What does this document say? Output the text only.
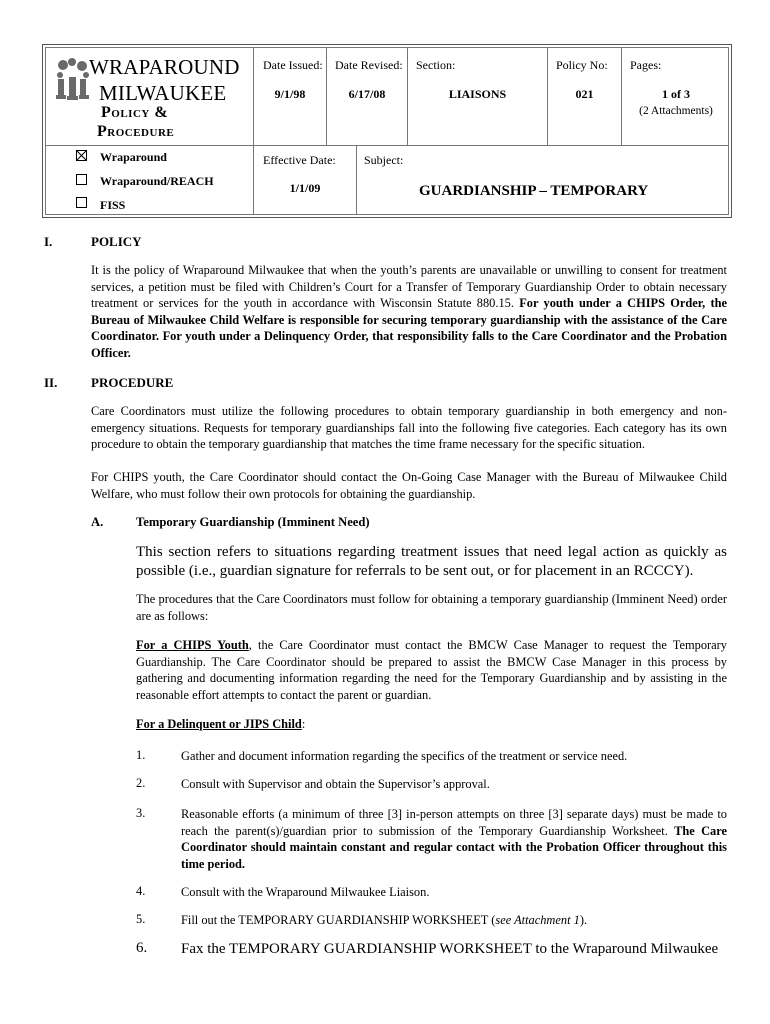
WRAPAROUND
MILWAUKEE
Policy &
Procedure
Date Issued:
9/1/98
Date Revised:
6/17/08
Section:
LIAISONS
Policy No:
021
Pages:
1 of 3
(2 Attachments)
Wraparound
Wraparound/REACH
FISS
Effective Date:
1/1/09
Subject:
GUARDIANSHIP – TEMPORARY
I.	POLICY
It is the policy of Wraparound Milwaukee that when the youth’s parents are unavailable or unwilling to consent for treatment services, a petition must be filed with Children’s Court for a Transfer of Temporary Guardianship Order to obtain necessary treatment or services for the youth in accordance with Wisconsin Statute 880.15. For youth under a CHIPS Order, the Bureau of Milwaukee Child Welfare is responsible for securing temporary guardianship with the assistance of the Care Coordinator. For youth under a Delinquency Order, that responsibility falls to the Care Coordinator and the Probation Officer.
II.	PROCEDURE
Care Coordinators must utilize the following procedures to obtain temporary guardianship in both emergency and non-emergency situations. Requests for temporary guardianships fall into the following five categories. Each category has its own procedure to obtain the temporary guardianship that matches the time frame necessary for the specific situation.
For CHIPS youth, the Care Coordinator should contact the On-Going Case Manager with the Bureau of Milwaukee Child Welfare, who must follow their own protocols for obtaining the guardianship.
A.	Temporary Guardianship (Imminent Need)
This section refers to situations regarding treatment issues that need legal action as quickly as possible (i.e., guardian signature for referrals to be sent out, or for placement in an RCCCY).
The procedures that the Care Coordinators must follow for obtaining a temporary guardianship (Imminent Need) order are as follows:
For a CHIPS Youth, the Care Coordinator must contact the BMCW Case Manager to request the Temporary Guardianship. The Care Coordinator should be prepared to assist the BMCW Case Manager in this process by gathering and documenting information regarding the need for the Temporary Guardianship and by assisting in the reasonable effort attempts to contact the parent or guardian.
For a Delinquent or JIPS Child:
1.	Gather and document information regarding the specifics of the treatment or service need.
2.	Consult with Supervisor and obtain the Supervisor’s approval.
3.	Reasonable efforts (a minimum of three [3] in-person attempts on three [3] separate days) must be made to reach the parent(s)/guardian prior to submission of the Temporary Guardianship Worksheet. The Care Coordinator should maintain constant and regular contact with the Probation Officer throughout this time period.
4.	Consult with the Wraparound Milwaukee Liaison.
5.	Fill out the TEMPORARY GUARDIANSHIP WORKSHEET (see Attachment 1).
6. Fax the TEMPORARY GUARDIANSHIP WORKSHEET to the Wraparound Milwaukee
